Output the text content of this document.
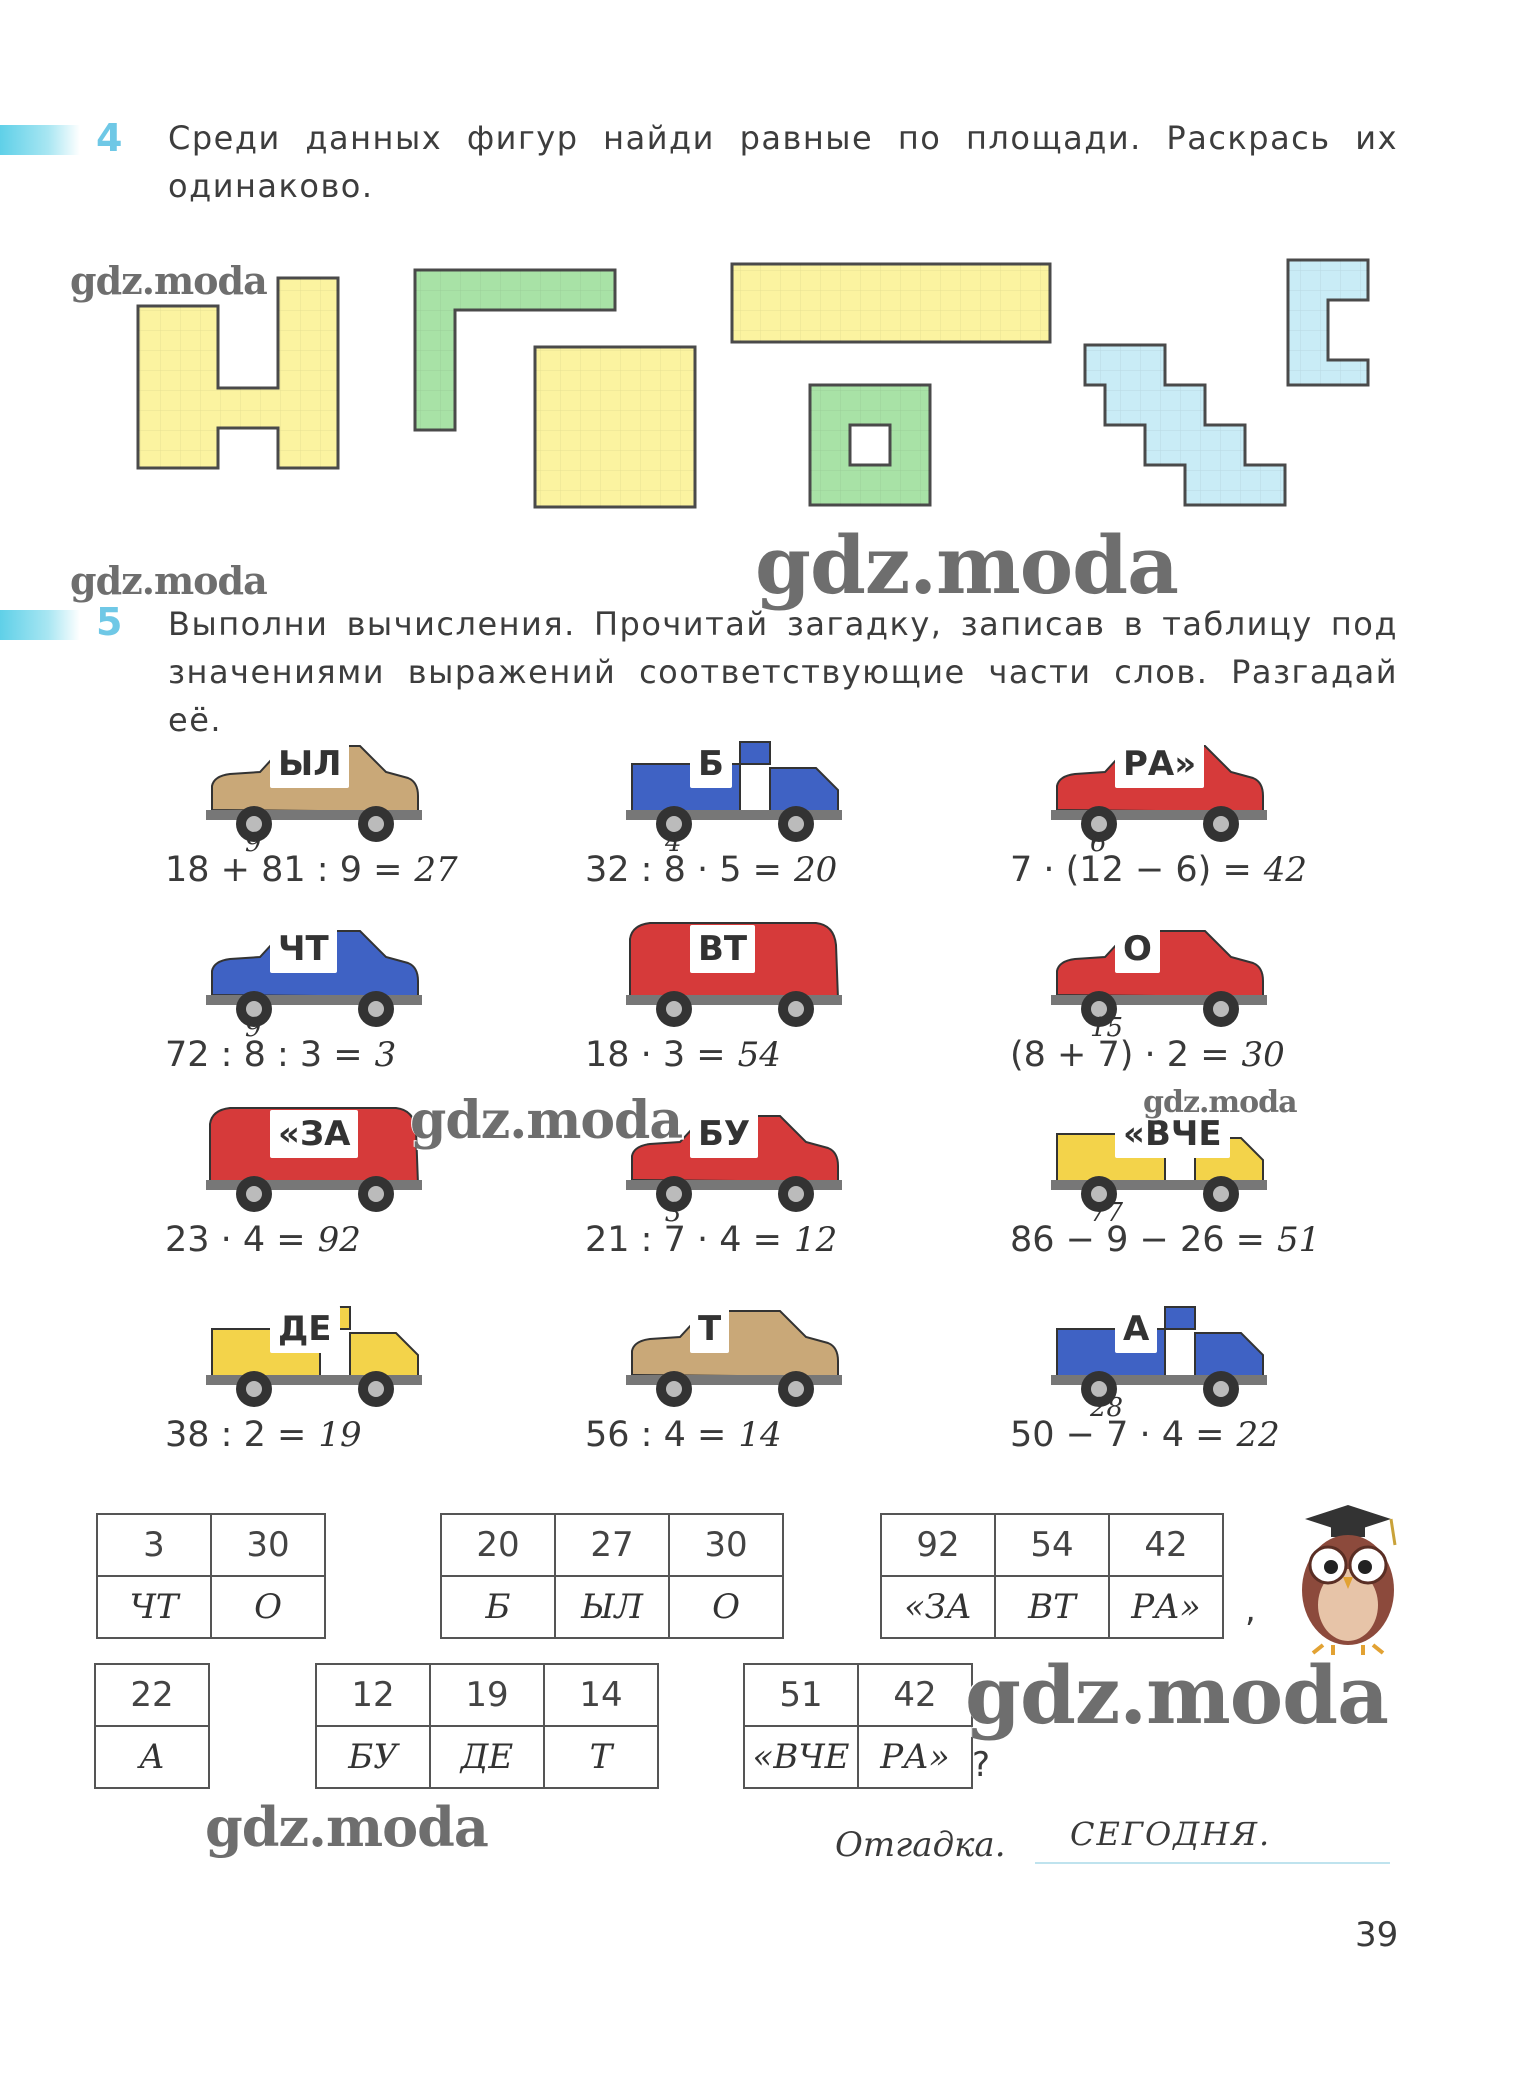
4 Среди данных фигур найди равные по площади. Раскрась их одинаково.
gdz.moda
gdz.moda	gdz.moda
5 Выполни вычисления. Прочитай загадку, записав в таблицу под значениями выражений соответствующие части слов. Разгадай её.
ЫЛ	Б	РА»
ЧТ	ВТ	О
«ЗА	БУ	«ВЧЕ
ДЕ	Т	А
gdz.moda	gdz.moda
3	30
ЧТ	О
20	27	30
Б	ЫЛ	О
92	54	42
«ЗА	ВТ	РА» ,
22
А
12	19	14
БУ	ДЕ	Т
51	42
«ВЧЕ	РА» ?
gdz.moda
gdz.moda	Отгадка. СЕГОДНЯ.
39
9
18 + 81 : 9 = 27
4
32 : 8 · 5 = 20
6
7 · (12 − 6) = 42
9
72 : 8 : 3 = 3	18 · 3 = 54
15
(8 + 7) · 2 = 30
23 · 4 = 92
3
21 : 7 · 4 = 12
77
86 − 9 − 26 = 51
38 : 2 = 19	56 : 4 = 14
28
50 − 7 · 4 = 22
